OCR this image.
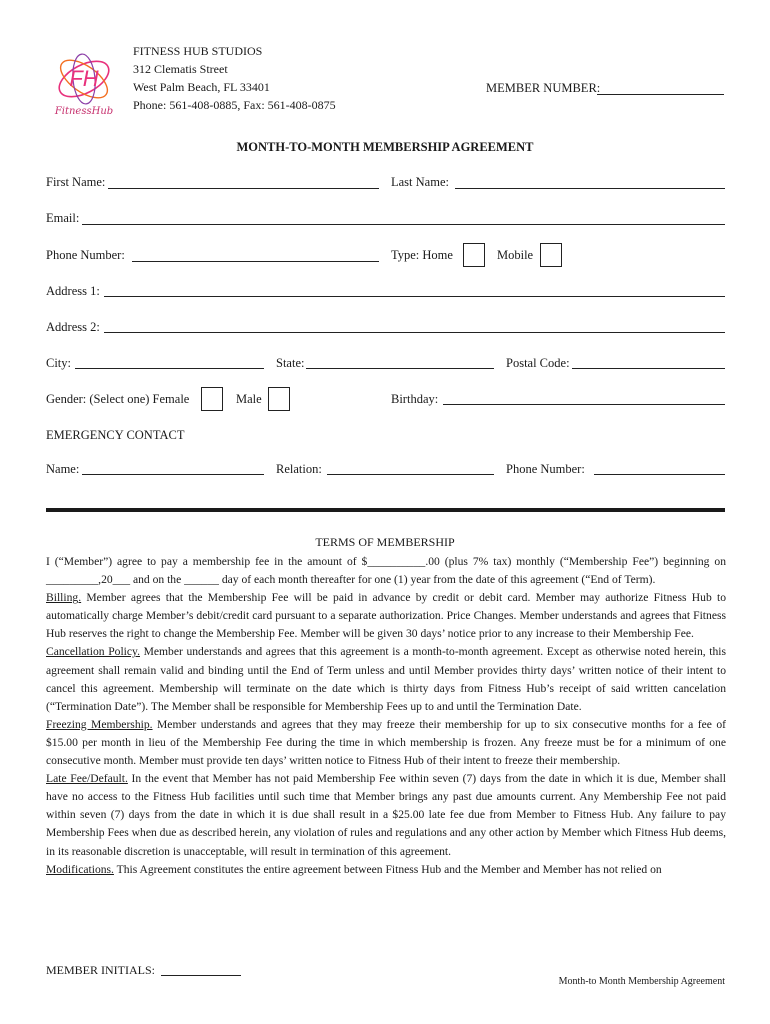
FH
FitnessHub
FITNESS HUB STUDIOS
312 Clematis Street
West Palm Beach, FL 33401
Phone: 561-408-0885, Fax: 561-408-0875
MEMBER NUMBER:
MONTH-TO-MONTH MEMBERSHIP AGREEMENT
First Name:	Last Name:
Email:
Phone Number:	Type: Home	Mobile
Address 1:
Address 2:
City:	State:	Postal Code:
Gender: (Select one) Female	Male	Birthday:
EMERGENCY CONTACT
Name:	Relation:	Phone Number:
TERMS OF MEMBERSHIP

I (“Member”) agree to pay a membership fee in the amount of $__________.00 (plus 7% tax) monthly (“Membership Fee”) beginning on _________,20___ and on the ______ day of each month thereafter for one (1) year from the date of this agreement (“End of Term).

Billing. Member agrees that the Membership Fee will be paid in advance by credit or debit card. Member may authorize Fitness Hub to automatically charge Member’s debit/credit card pursuant to a separate authorization. Price Changes. Member understands and agrees that Fitness Hub reserves the right to change the Membership Fee. Member will be given 30 days’ notice prior to any increase to their Membership Fee.

Cancellation Policy. Member understands and agrees that this agreement is a month-to-month agreement. Except as otherwise noted herein, this agreement shall remain valid and binding until the End of Term unless and until Member provides thirty days’ written notice of their intent to cancel this agreement. Membership will terminate on the date which is thirty days from Fitness Hub’s receipt of said written cancelation (“Termination Date”). The Member shall be responsible for Membership Fees up to and until the Termination Date.

Freezing Membership. Member understands and agrees that they may freeze their membership for up to six consecutive months for a fee of $15.00 per month in lieu of the Membership Fee during the time in which membership is frozen. Any freeze must be for a minimum of one consecutive month. Member must provide ten days’ written notice to Fitness Hub of their intent to freeze their membership.

Late Fee/Default. In the event that Member has not paid Membership Fee within seven (7) days from the date in which it is due, Member shall have no access to the Fitness Hub facilities until such time that Member brings any past due amounts current. Any Membership Fee not paid within seven (7) days from the date in which it is due shall result in a $25.00 late fee due from Member to Fitness Hub. Any failure to pay Membership Fees when due as described herein, any violation of rules and regulations and any other action by Member which Fitness Hub deems, in its reasonable discretion is unacceptable, will result in termination of this agreement.

Modifications. This Agreement constitutes the entire agreement between Fitness Hub and the Member and Member has not relied on

MEMBER INITIALS:
Month-to Month Membership Agreement
